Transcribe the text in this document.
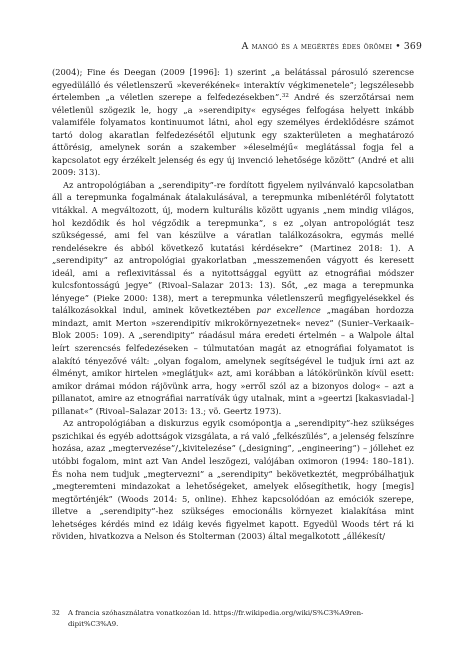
A mangó és a megértés édes örömei • 369

(2004); Fine és Deegan (2009 [1996]: 1) szerint „a belátással párosuló szerencse egyedülálló és véletlenszerű »keverékének« interaktív végkimenetele”; legszélesebb értelemben „a véletlen szerepe a felfedezésekben”.$^{32}$ André és szerzőtársai nem véletlenül szögezik le, hogy „a »serendipity« egységes felfogása helyett inkább valamiféle folyamatos kontinuumot látni, ahol egy személyes érdeklődésre számot tartó dolog akaratlan felfedezésétől eljutunk egy szakterületen a meghatározó áttörésig, amelynek során a szakember »éleselméjű« meglátással fogja fel a kapcsolatot egy érzékelt jelenség és egy új invenció lehetősége között” (André et alii 2009: 313).

Az antropológiában a „serendipity”-re fordított figyelem nyilvánvaló kapcsolatban áll a terepmunka fogalmának átalakulásával, a terepmunka mibenlétéről folytatott vitákkal. A megváltozott, új, modern kulturális között ugyanis „nem mindig világos, hol kezdődik és hol végződik a terepmunka”, s ez „olyan antropológiát tesz szükségessé, ami fel van készülve a váratlan találkozásokra, egymás mellé rendelésekre és abból következő kutatási kérdésekre” (Martinez 2018: 1). A „serendipity” az antropológiai gyakorlatban „messzemenően vágyott és keresett ideál, ami a reflexivitással és a nyitottsággal együtt az etnográfiai módszer kulcsfontosságú jegye” (Rivoal–Salazar 2013: 13). Sőt, „ez maga a terepmunka lényege” (Pieke 2000: 138), mert a terepmunka véletlenszerű megfigyelésekkel és találkozásokkal indul, aminek következtében par excellence „magában hordozza mindazt, amit Merton »szerendipitív mikrokörnyezetnek« nevez” (Sunier–Verkaaik–Blok 2005: 109). A „serendipity” ráadásul mára eredeti értelmén – a Walpole által leírt szerencsés felfedezéseken – túlmutatóan magát az etnográfiai folyamatot is alakító tényezővé vált: „olyan fogalom, amelynek segítségével le tudjuk írni azt az élményt, amikor hirtelen »meglátjuk« azt, ami korábban a látókörünkön kívül esett: amikor drámai módon rájövünk arra, hogy »erről szól az a bizonyos dolog« – azt a pillanatot, amire az etnográfiai narratívák úgy utalnak, mint a »geertzi [kakasviadal-] pillanat«” (Rivoal–Salazar 2013: 13.; vö. Geertz 1973).

Az antropológiában a diskurzus egyik csomópontja a „serendipity”-hez szükséges pszichikai és egyéb adottságok vizsgálata, a rá való „felkészülés”, a jelenség felszínre hozása, azaz „megtervezése”/„kivitelezése” („designing”, „engineering”) – jóllehet ez utóbbi fogalom, mint azt Van Andel leszögezi, valójában oximoron (1994: 180–181). És noha nem tudjuk „megtervezni” a „serendipity” bekövetkeztét, megpróbálhatjuk „megteremteni mindazokat a lehetőségeket, amelyek elősegíthetik, hogy [megis] megtörténjék” (Woods 2014: 5, online). Ehhez kapcsolódóan az emóciók szerepe, illetve a „serendipity”-hez szükséges emocionális környezet kialakítása mint lehetséges kérdés mind ez idáig kevés figyelmet kapott. Egyedül Woods tért rá ki röviden, hivatkozva a Nelson és Stolterman (2003) által megalkotott „állékesít/

32 A francia szóhasználatra vonatkozóan ld. https://fr.wikipedia.org/wiki/S%C3%A9ren-
dipit%C3%A9.
